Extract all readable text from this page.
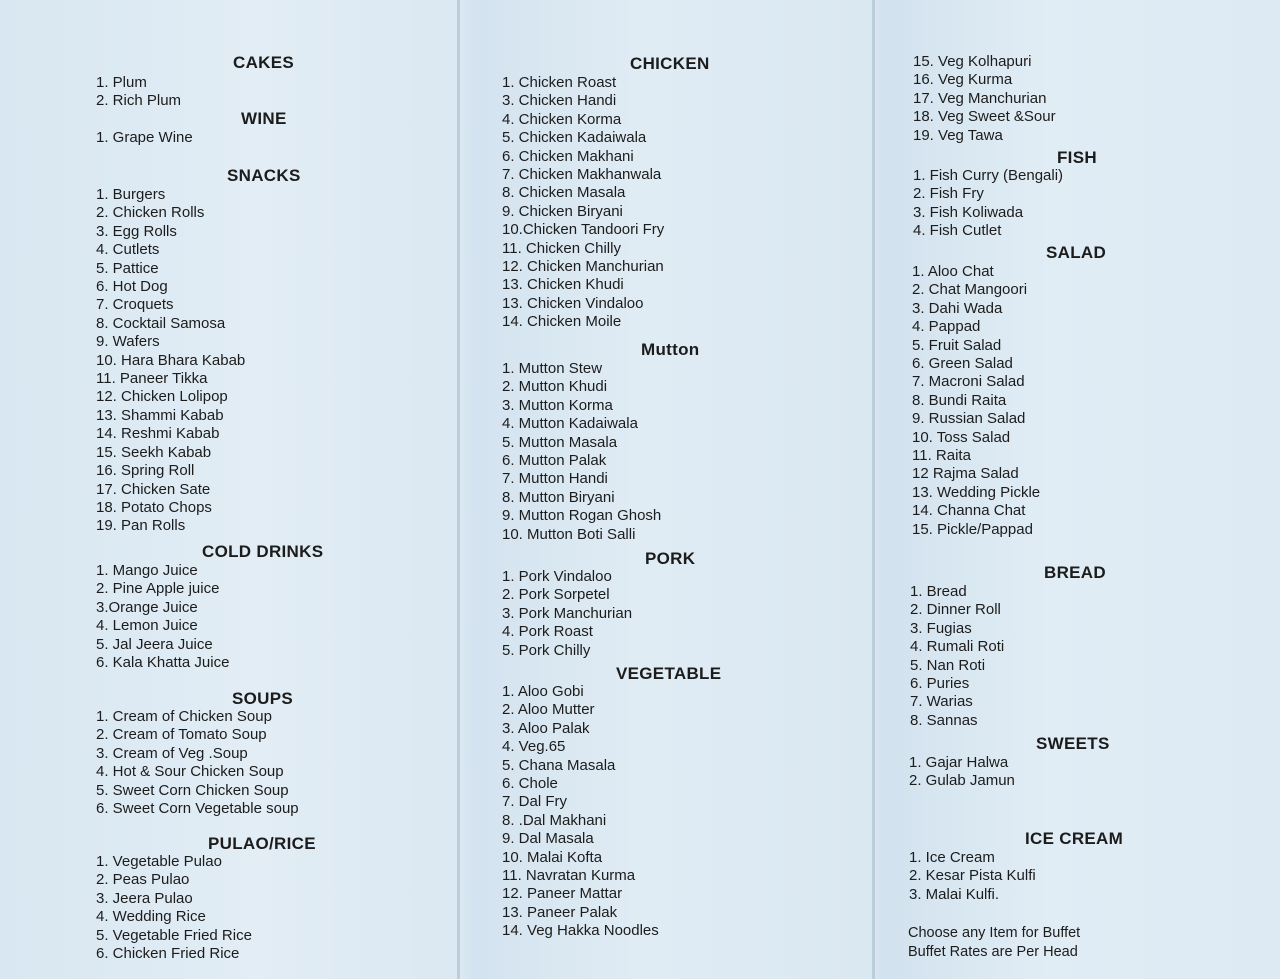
CAKES
1. Plum
2. Rich Plum
WINE
1. Grape Wine
SNACKS
1. Burgers
2. Chicken Rolls
3. Egg Rolls
4. Cutlets
5. Pattice
6. Hot Dog
7. Croquets
8. Cocktail Samosa
9. Wafers
10. Hara Bhara Kabab
11. Paneer Tikka
12. Chicken Lolipop
13. Shammi Kabab
14. Reshmi Kabab
15. Seekh Kabab
16. Spring Roll
17. Chicken Sate
18. Potato Chops
19. Pan Rolls
COLD DRINKS
1. Mango Juice
2. Pine Apple juice
3.Orange Juice
4. Lemon Juice
5. Jal Jeera Juice
6. Kala Khatta Juice
SOUPS
1. Cream of Chicken Soup
2. Cream of Tomato Soup
3. Cream of Veg .Soup
4. Hot & Sour Chicken Soup
5. Sweet Corn Chicken Soup
6. Sweet Corn Vegetable soup
PULAO/RICE
1. Vegetable Pulao
2. Peas Pulao
3. Jeera Pulao
4. Wedding Rice
5. Vegetable Fried Rice
6. Chicken Fried Rice
CHICKEN
1. Chicken Roast
3. Chicken Handi
4. Chicken Korma
5. Chicken Kadaiwala
6. Chicken Makhani
7. Chicken Makhanwala
8. Chicken Masala
9. Chicken Biryani
10.Chicken Tandoori Fry
11. Chicken Chilly
12. Chicken Manchurian
13. Chicken Khudi
13. Chicken Vindaloo
14. Chicken Moile
Mutton
1. Mutton Stew
2. Mutton Khudi
3. Mutton Korma
4. Mutton Kadaiwala
5. Mutton Masala
6. Mutton Palak
7. Mutton Handi
8. Mutton Biryani
9. Mutton Rogan Ghosh
10. Mutton Boti Salli
PORK
1. Pork Vindaloo
2. Pork Sorpetel
3. Pork Manchurian
4. Pork Roast
5. Pork Chilly
VEGETABLE
1. Aloo Gobi
2. Aloo Mutter
3. Aloo Palak
4. Veg.65
5. Chana Masala
6. Chole
7. Dal Fry
8. .Dal Makhani
9. Dal Masala
10. Malai Kofta
11. Navratan Kurma
12. Paneer Mattar
13. Paneer Palak
14. Veg Hakka Noodles
15. Veg Kolhapuri
16. Veg Kurma
17. Veg Manchurian
18. Veg Sweet &Sour
19. Veg Tawa
FISH
1. Fish Curry (Bengali)
2. Fish Fry
3. Fish Koliwada
4. Fish Cutlet
SALAD
1. Aloo Chat
2. Chat Mangoori
3. Dahi Wada
4. Pappad
5. Fruit Salad
6. Green Salad
7. Macroni Salad
8. Bundi Raita
9. Russian Salad
10. Toss Salad
11. Raita
12 Rajma Salad
13. Wedding Pickle
14. Channa Chat
15. Pickle/Pappad
BREAD
1. Bread
2. Dinner Roll
3. Fugias
4. Rumali Roti
5. Nan Roti
6. Puries
7. Warias
8. Sannas
SWEETS
1. Gajar Halwa
2. Gulab Jamun
ICE CREAM
1. Ice Cream
2. Kesar Pista Kulfi
3. Malai Kulfi.
Choose any Item for Buffet
Buffet Rates are Per Head
